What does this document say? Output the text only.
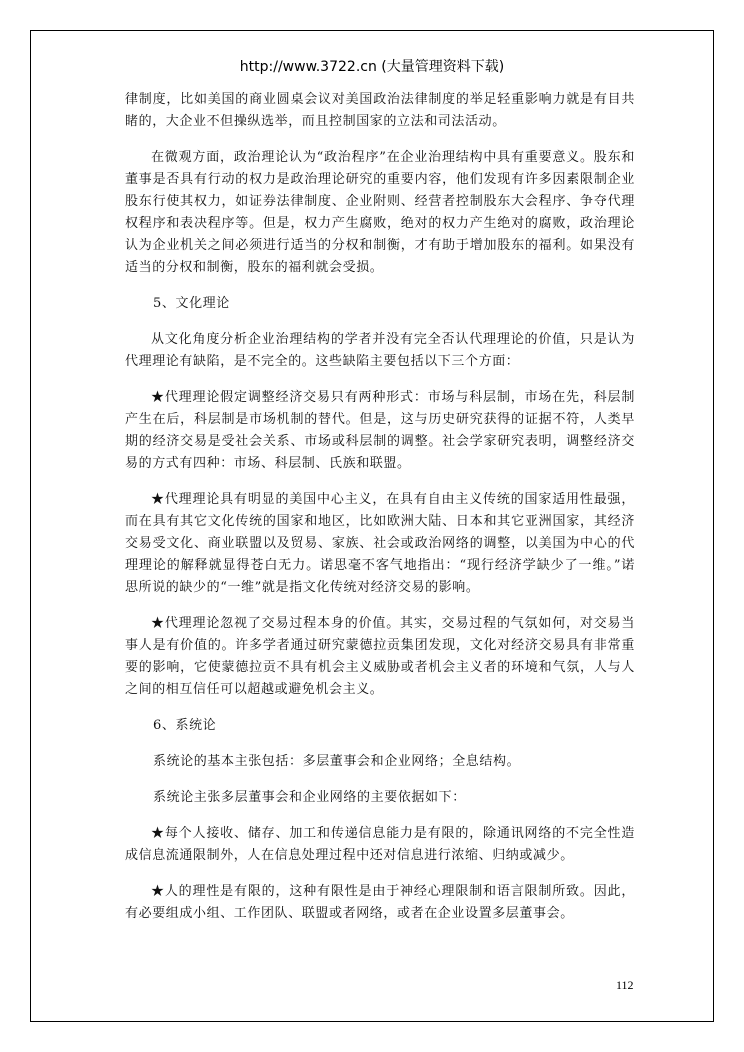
http://www.3722.cn (大量管理资料下载)

律制度，比如美国的商业圆桌会议对美国政治法律制度的举足轻重影响力就是有目共睹的，大企业不但操纵选举，而且控制国家的立法和司法活动。

在微观方面，政治理论认为“政治程序”在企业治理结构中具有重要意义。股东和董事是否具有行动的权力是政治理论研究的重要内容，他们发现有许多因素限制企业股东行使其权力，如证券法律制度、企业附则、经营者控制股东大会程序、争夺代理权程序和表决程序等。但是，权力产生腐败，绝对的权力产生绝对的腐败，政治理论认为企业机关之间必须进行适当的分权和制衡，才有助于增加股东的福利。如果没有适当的分权和制衡，股东的福利就会受损。

5、文化理论

从文化角度分析企业治理结构的学者并没有完全否认代理理论的价值，只是认为代理理论有缺陷，是不完全的。这些缺陷主要包括以下三个方面：

★代理理论假定调整经济交易只有两种形式：市场与科层制，市场在先，科层制产生在后，科层制是市场机制的替代。但是，这与历史研究获得的证据不符，人类早期的经济交易是受社会关系、市场或科层制的调整。社会学家研究表明，调整经济交易的方式有四种：市场、科层制、氏族和联盟。

★代理理论具有明显的美国中心主义，在具有自由主义传统的国家适用性最强，而在具有其它文化传统的国家和地区，比如欧洲大陆、日本和其它亚洲国家，其经济交易受文化、商业联盟以及贸易、家族、社会或政治网络的调整，以美国为中心的代理理论的解释就显得苍白无力。诺思毫不客气地指出：“现行经济学缺少了一维。”诺思所说的缺少的“一维”就是指文化传统对经济交易的影响。

★代理理论忽视了交易过程本身的价值。其实，交易过程的气氛如何，对交易当事人是有价值的。许多学者通过研究蒙德拉贡集团发现，文化对经济交易具有非常重要的影响，它使蒙德拉贡不具有机会主义威胁或者机会主义者的环境和气氛，人与人之间的相互信任可以超越或避免机会主义。

6、系统论

系统论的基本主张包括：多层董事会和企业网络；全息结构。

系统论主张多层董事会和企业网络的主要依据如下：

★每个人接收、储存、加工和传递信息能力是有限的，除通讯网络的不完全性造成信息流通限制外，人在信息处理过程中还对信息进行浓缩、归纳或减少。

★人的理性是有限的，这种有限性是由于神经心理限制和语言限制所致。因此，有必要组成小组、工作团队、联盟或者网络，或者在企业设置多层董事会。

112
